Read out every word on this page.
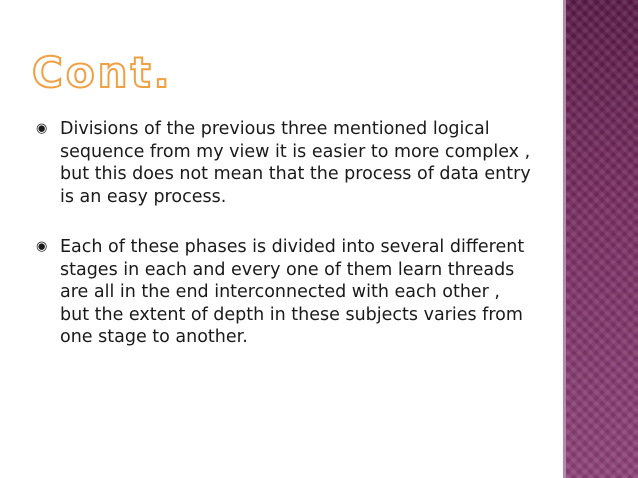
Cont.
◉ Divisions of the previous three mentioned logical sequence from my view it is easier to more complex , but this does not mean that the process of data entry is an easy process.
◉ Each of these phases is divided into several different stages in each and every one of them learn threads are all in the end interconnected with each other , but the extent of depth in these subjects varies from one stage to another.
